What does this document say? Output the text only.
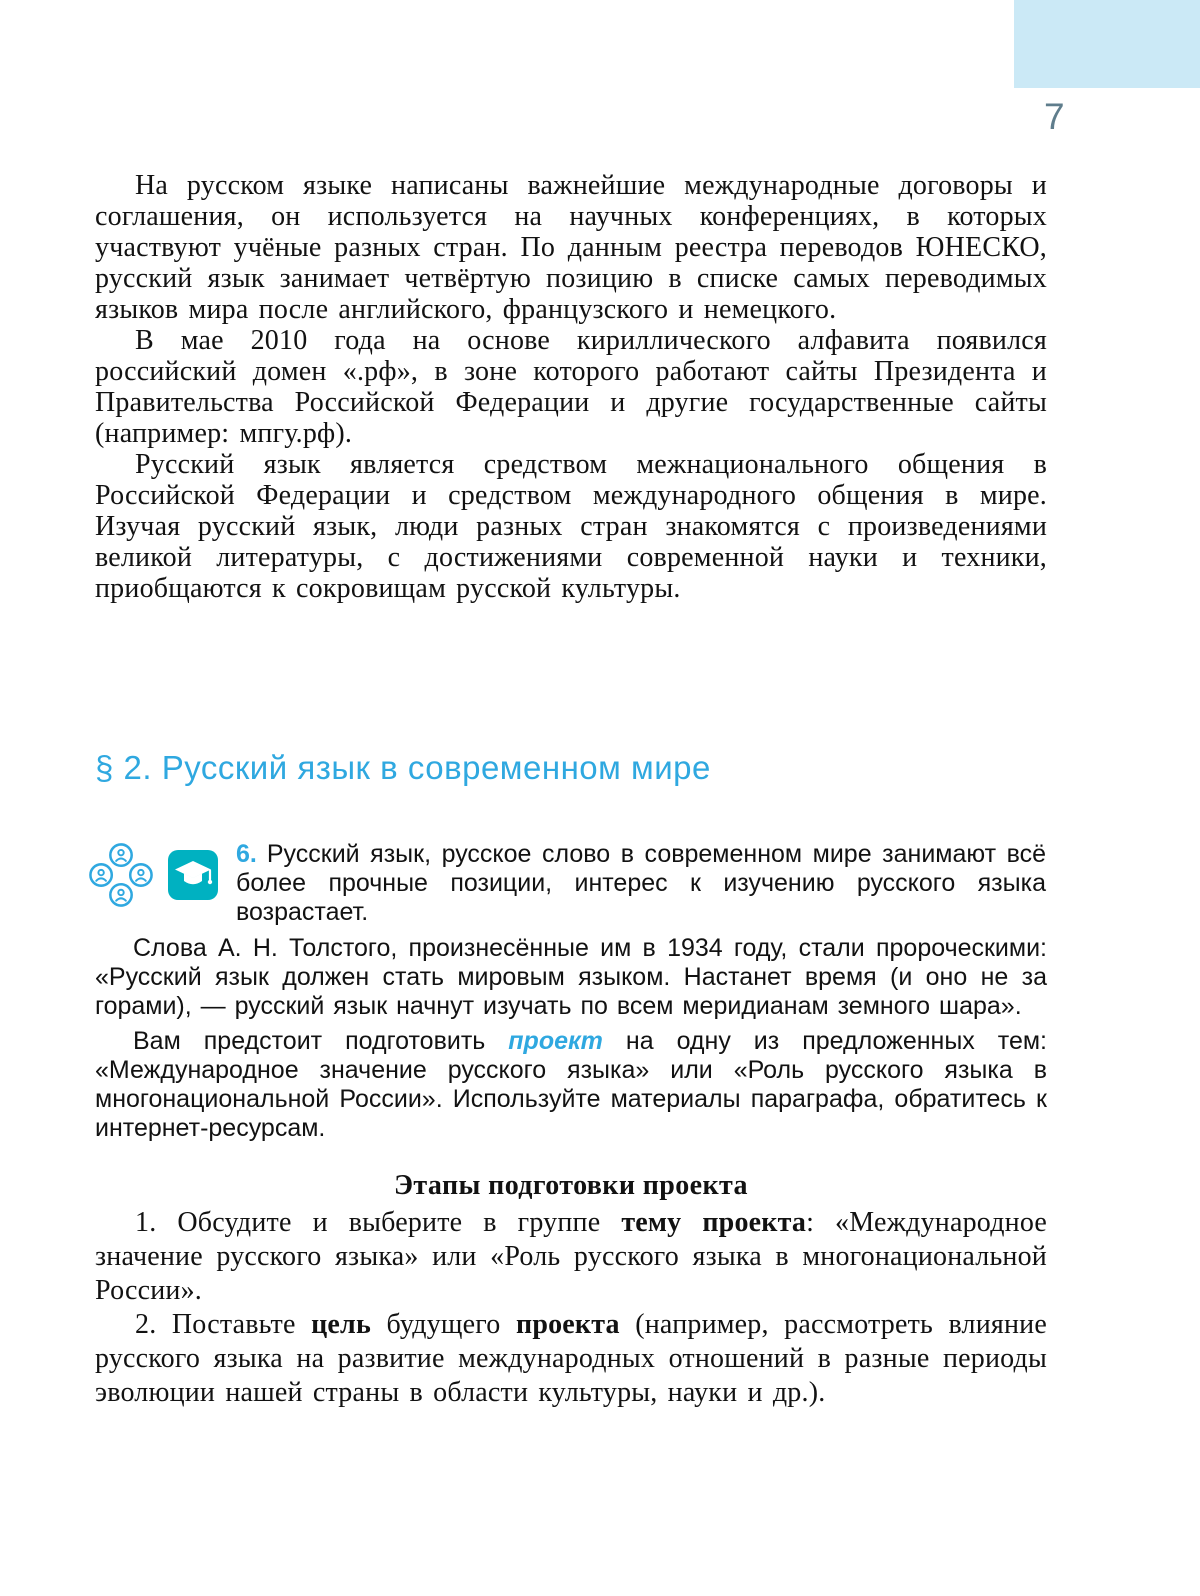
7

На русском языке написаны важнейшие международные договоры и соглашения, он используется на научных конференциях, в которых участвуют учёные разных стран. По данным реестра переводов ЮНЕСКО, русский язык занимает четвёртую позицию в списке самых переводимых языков мира после английского, французского и немецкого.

В мае 2010 года на основе кириллического алфавита появился российский домен «.рф», в зоне которого работают сайты Президента и Правительства Российской Федерации и другие государственные сайты (например: мпгу.рф).

Русский язык является средством межнационального общения в Российской Федерации и средством международного общения в мире. Изучая русский язык, люди разных стран знакомятся с произведениями великой литературы, с достижениями современной науки и техники, приобщаются к сокровищам русской культуры.

§ 2. Русский язык в современном мире

6. Русский язык, русское слово в современном мире занимают всё более прочные позиции, интерес к изучению русского языка возрастает.

Слова А. Н. Толстого, произнесённые им в 1934 году, стали пророческими: «Русский язык должен стать мировым языком. Настанет время (и оно не за горами), — русский язык начнут изучать по всем меридианам земного шара».

Вам предстоит подготовить проект на одну из предложенных тем: «Международное значение русского языка» или «Роль русского языка в многонациональной России». Используйте материалы параграфа, обратитесь к интернет-ресурсам.

Этапы подготовки проекта

1. Обсудите и выберите в группе тему проекта: «Международное значение русского языка» или «Роль русского языка в многонациональной России».

2. Поставьте цель будущего проекта (например, рассмотреть влияние русского языка на развитие международных отношений в разные периоды эволюции нашей страны в области культуры, науки и др.).
